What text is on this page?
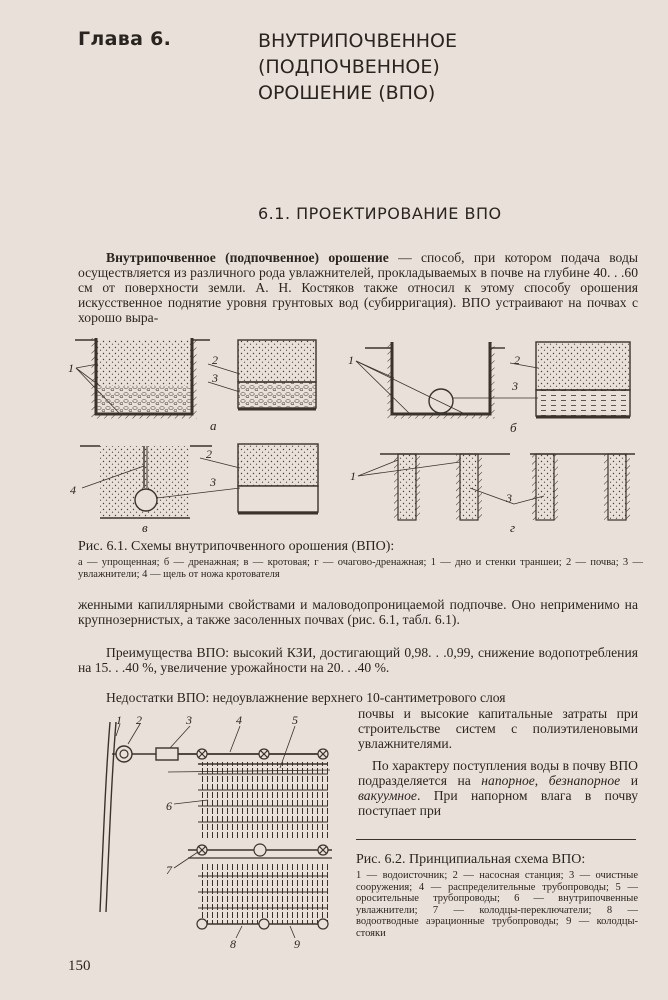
Глава 6.	ВНУТРИПОЧВЕННОЕ
(ПОДПОЧВЕННОЕ)
ОРОШЕНИЕ (ВПО)
6.1. ПРОЕКТИРОВАНИЕ ВПО
Внутрипочвенное (подпочвенное) орошение — способ, при котором подача воды осуществляется из различного рода увлажнителей, прокладываемых в почве на глубине 40. . .60 см от поверхности земли. А. Н. Костяков также относил к этому способу орошения искусственное поднятие уровня грунтовых вод (субирригация). ВПО устраивают на почвах с хорошо выра-
1
2
3
а
1	2
3
б
4
2
3
в
1
3
г
Рис. 6.1. Схемы внутрипочвенного орошения (ВПО):
а — упрощенная; б — дренажная; в — кротовая; г — очагово-дренажная; 1 — дно и стенки траншеи; 2 — почва; 3 — увлажнители; 4 — щель от ножа кротователя
женными капиллярными свойствами и маловодопроницаемой подпочве. Оно неприменимо на крупнозернистых, а также засоленных почвах (рис. 6.1, табл. 6.1).
Преимущества ВПО: высокий КЗИ, достигающий 0,98. . .0,99, снижение водопотребления на 15. . .40 %, увеличение урожайности на 20. . .40 %.
Недостатки ВПО: недоувлажнение верхнего 10-сантиметрового слоя
почвы и высокие капитальные затраты при строительстве систем с полиэтиленовыми увлажнителями.
По характеру поступления воды в почву ВПО подразделяется на напорное, безнапорное и вакуумное. При напорном влага в почву поступает при
1 2	3	4	5
6
7
8	9
Рис. 6.2. Принципиальная схема ВПО:
1 — водоисточник; 2 — насосная станция; 3 — очистные сооружения; 4 — распределительные трубопроводы; 5 — оросительные трубопроводы; 6 — внутрипочвенные увлажнители; 7 — колодцы-переключатели; 8 — водоотводные аэрационные трубопроводы; 9 — колодцы-стояки
150
